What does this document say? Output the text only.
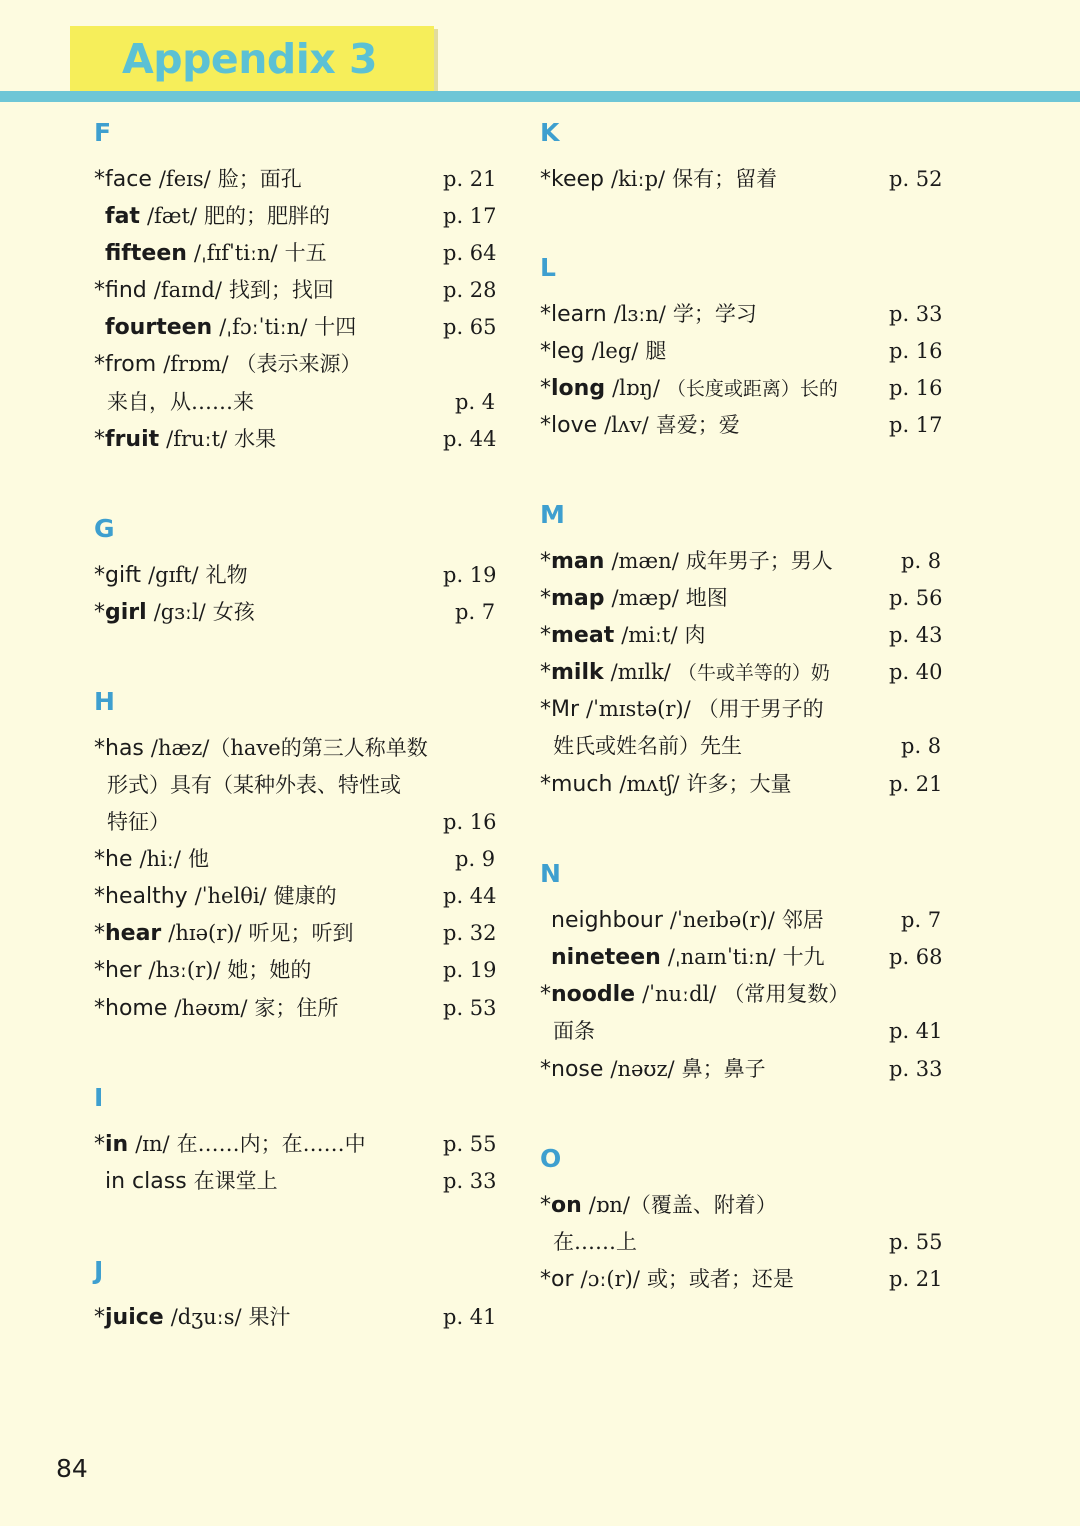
Appendix 3
F
*face /feɪs/ 脸；面孔	p. 21
fat /fæt/ 肥的；肥胖的	p. 17
fifteen /ˌfɪfˈtiːn/ 十五	p. 64
*find /faɪnd/ 找到；找回	p. 28
fourteen /ˌfɔːˈtiːn/ 十四	p. 65
*from /frɒm/ （表示来源）
来自，从……来	p. 4
*fruit /fruːt/ 水果	p. 44
G
*gift /gɪft/ 礼物	p. 19
*girl /gɜːl/ 女孩	p. 7
H
*has /hæz/（have的第三人称单数
形式）具有（某种外表、特性或
特征）	p. 16
*he /hiː/ 他	p. 9
*healthy /ˈhelθi/ 健康的	p. 44
*hear /hɪə(r)/ 听见；听到	p. 32
*her /hɜː(r)/ 她；她的	p. 19
*home /həʊm/ 家；住所	p. 53
I
*in /ɪn/ 在……内；在……中	p. 55
in class 在课堂上	p. 33
J
*juice /dʒuːs/ 果汁	p. 41
K
*keep /kiːp/ 保有；留着	p. 52
L
*learn /lɜːn/ 学；学习	p. 33
*leg /leg/ 腿	p. 16
*long /lɒŋ/ （长度或距离）长的 p. 16
*love /lʌv/ 喜爱；爱	p. 17
M
*man /mæn/ 成年男子；男人	p. 8
*map /mæp/ 地图	p. 56
*meat /miːt/ 肉	p. 43
*milk /mɪlk/ （牛或羊等的）奶	p. 40
*Mr /ˈmɪstə(r)/ （用于男子的
姓氏或姓名前）先生	p. 8
*much /mʌtʃ/ 许多；大量	p. 21
N
neighbour /ˈneɪbə(r)/ 邻居	p. 7
nineteen /ˌnaɪnˈtiːn/ 十九	p. 68
*noodle /ˈnuːdl/ （常用复数）
面条	p. 41
*nose /nəʊz/ 鼻；鼻子	p. 33
O
*on /ɒn/（覆盖、附着）
在……上	p. 55
*or /ɔː(r)/ 或；或者；还是	p. 21
84
